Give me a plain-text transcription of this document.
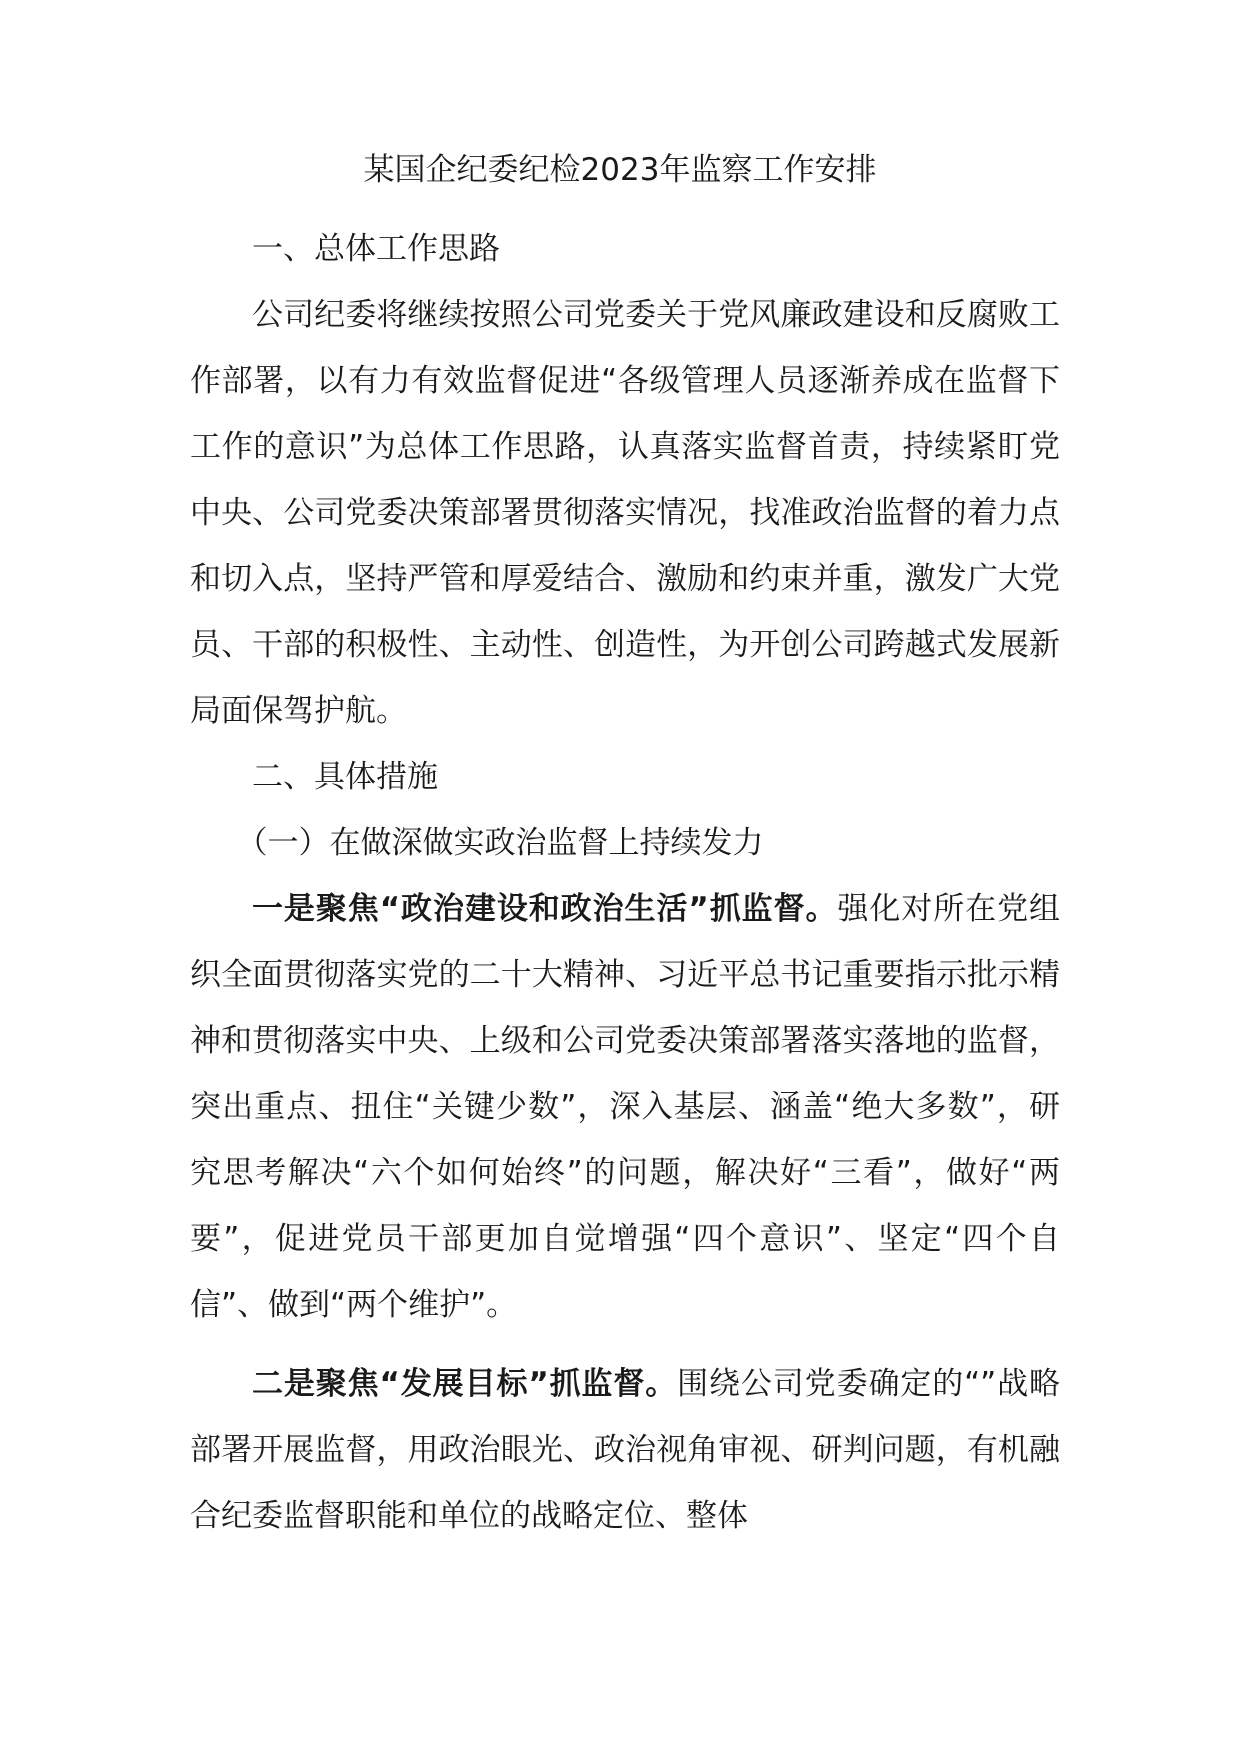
某国企纪委纪检2023年监察工作安排

一、总体工作思路

公司纪委将继续按照公司党委关于党风廉政建设和反腐败工作部署，以有力有效监督促进“各级管理人员逐渐养成在监督下工作的意识”为总体工作思路，认真落实监督首责，持续紧盯党中央、公司党委决策部署贯彻落实情况，找准政治监督的着力点和切入点，坚持严管和厚爱结合、激励和约束并重，激发广大党员、干部的积极性、主动性、创造性，为开创公司跨越式发展新局面保驾护航。

二、具体措施

（一）在做深做实政治监督上持续发力

一是聚焦“政治建设和政治生活”抓监督。强化对所在党组织全面贯彻落实党的二十大精神、习近平总书记重要指示批示精神和贯彻落实中央、上级和公司党委决策部署落实落地的监督，突出重点、扭住“关键少数”，深入基层、涵盖“绝大多数”，研究思考解决“六个如何始终”的问题，解决好“三看”，做好“两要”，促进党员干部更加自觉增强“四个意识”、坚定“四个自信”、做到“两个维护”。

二是聚焦“发展目标”抓监督。围绕公司党委确定的“”战略部署开展监督，用政治眼光、政治视角审视、研判问题，有机融合纪委监督职能和单位的战略定位、整体
